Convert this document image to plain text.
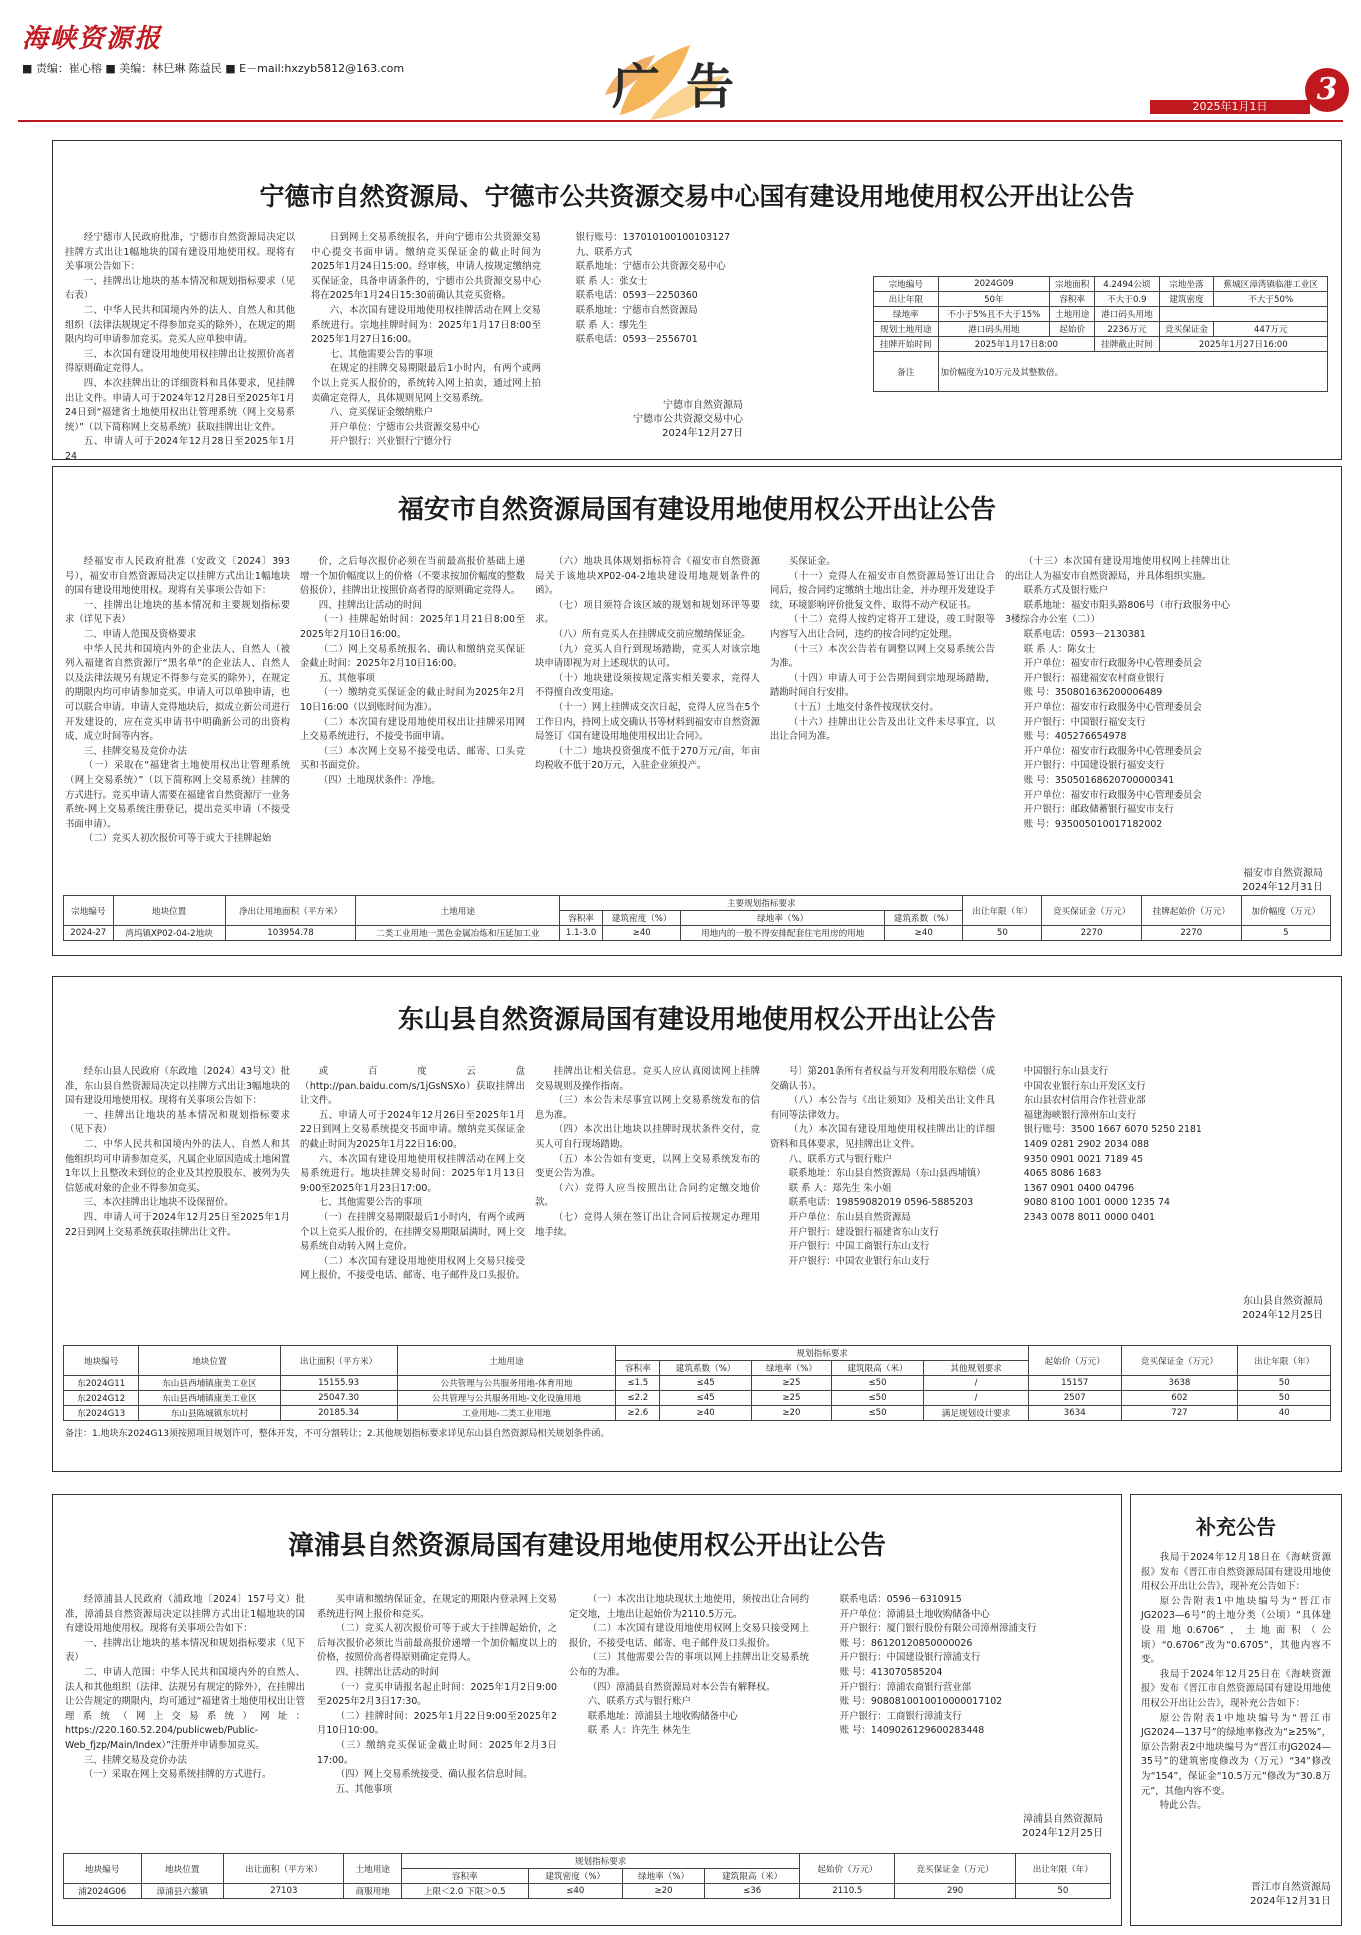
海峡资源报
■ 责编：崔心榕 ■ 美编：林巳琳 陈益民 ■ E－mail:hxzyb5812@163.com	广告	3
2025年1月1日
宁德市自然资源局、宁德市公共资源交易中心国有建设用地使用权公开出让公告

经宁德市人民政府批准，宁德市自然资源局决定以挂牌方式出让1幅地块的国有建设用地使用权。现将有关事项公告如下：

一、挂牌出让地块的基本情况和规划指标要求（见右表）

二、中华人民共和国境内外的法人、自然人和其他组织（法律法规规定不得参加竞买的除外），在规定的期限内均可申请参加竞买。竞买人应单独申请。

三、本次国有建设用地使用权挂牌出让按照价高者得原则确定竞得人。

四、本次挂牌出让的详细资料和具体要求，见挂牌出让文件。申请人可于2024年12月28日至2025年1月24日到“福建省土地使用权出让管理系统（网上交易系统）”（以下简称网上交易系统）获取挂牌出让文件。

五、申请人可于2024年12月28日至2025年1月24

日到网上交易系统报名，并向宁德市公共资源交易中心提交书面申请。缴纳竞买保证金的截止时间为2025年1月24日15:00。经审核，申请人按规定缴纳竞买保证金，具备申请条件的，宁德市公共资源交易中心将在2025年1月24日15:30前确认其竞买资格。

六、本次国有建设用地使用权挂牌活动在网上交易系统进行。宗地挂牌时间为：2025年1月17日8:00至2025年1月27日16:00。

七、其他需要公告的事项

在规定的挂牌交易期限最后1小时内，有两个或两个以上竞买人报价的，系统转入网上拍卖，通过网上拍卖确定竞得人，具体规则见网上交易系统。

八、竞买保证金缴纳账户

开户单位：宁德市公共资源交易中心

开户银行：兴业银行宁德分行

银行账号：137010100100103127

九、联系方式

联系地址：宁德市公共资源交易中心

联 系 人：张女士

联系电话：0593－2250360

联系地址：宁德市自然资源局

联 系 人：缪先生

联系电话：0593－2556701

宁德市自然资源局
宁德市公共资源交易中心
2024年12月27日
宗地编号	2024G09	宗地面积	4.2494公顷	宗地坐落	蕉城区漳湾镇临港工业区
出让年限	50年	容积率	不大于0.9	建筑密度	不大于50%
绿地率	不小于5%且不大于15%	土地用途	港口码头用地		
规划土地用途	港口码头用地	起始价	2236万元	竞买保证金	447万元
挂牌开始时间	2025年1月17日8:00		挂牌截止时间	2025年1月27日16:00	
备注	加价幅度为10万元及其整数倍。				
福安市自然资源局国有建设用地使用权公开出让公告

经福安市人民政府批准（安政文〔2024〕393号），福安市自然资源局决定以挂牌方式出让1幅地块的国有建设用地使用权。现将有关事项公告如下：

一、挂牌出让地块的基本情况和主要规划指标要求（详见下表）

二、申请人范围及资格要求

中华人民共和国境内外的企业法人、自然人（被列入福建省自然资源厅“黑名单”的企业法人、自然人以及法律法规另有规定不得参与竞买的除外），在规定的期限内均可申请参加竞买。申请人可以单独申请，也可以联合申请。申请人竞得地块后，拟成立新公司进行开发建设的，应在竞买申请书中明确新公司的出资构成、成立时间等内容。

三、挂牌交易及竞价办法

（一）采取在“福建省土地使用权出让管理系统（网上交易系统）”（以下简称网上交易系统）挂牌的方式进行。竞买申请人需要在福建省自然资源厅一业务系统-网上交易系统注册登记，提出竞买申请（不接受书面申请）。

（二）竞买人初次报价可等于或大于挂牌起始

价，之后每次报价必须在当前最高报价基础上递增一个加价幅度以上的价格（不要求按加价幅度的整数倍报价），挂牌出让按照价高者得的原则确定竞得人。

四、挂牌出让活动的时间

（一）挂牌起始时间：2025年1月21日8:00至2025年2月10日16:00。

（二）网上交易系统报名、确认和缴纳竞买保证金截止时间：2025年2月10日16:00。

五、其他事项

（一）缴纳竞买保证金的截止时间为2025年2月10日16:00（以到账时间为准）。

（二）本次国有建设用地使用权出让挂牌采用网上交易系统进行，不接受书面申请。

（三）本次网上交易不接受电话、邮寄、口头竞买和书面竞价。

（四）土地现状条件：净地。

（六）地块具体规划指标符合《福安市自然资源局关于该地块XP02-04-2地块建设用地规划条件的函》。

（七）项目须符合该区域的规划和规划环评等要求。

（八）所有竞买人在挂牌成交前应缴纳保证金。

（九）竞买人自行到现场踏勘，竞买人对该宗地块申请即视为对上述现状的认可。

（十）地块建设须按规定落实相关要求，竞得人不得擅自改变用途。

（十一）网上挂牌成交次日起，竞得人应当在5个工作日内，持网上成交确认书等材料到福安市自然资源局签订《国有建设用地使用权出让合同》。

（十二）地块投资强度不低于270万元/亩，年亩均税收不低于20万元，入驻企业须投产。

买保证金。

（十一）竞得人在福安市自然资源局签订出让合同后，按合同约定缴纳土地出让金，并办理开发建设手续，环境影响评价批复文件、取得不动产权证书。

（十二）竞得人按约定将开工建设，竣工时限等内容写入出让合同，违约的按合同约定处理。

（十三）本次公告若有调整以网上交易系统公告为准。

（十四）申请人可于公告期间到宗地现场踏勘，踏勘时间自行安排。

（十五）土地交付条件按现状交付。

（十六）挂牌出让公告及出让文件未尽事宜，以出让合同为准。

（十三）本次国有建设用地使用权网上挂牌出让的出让人为福安市自然资源局，并具体组织实施。

联系方式及银行账户

联系地址：福安市阳头路806号（市行政服务中心3楼综合办公室（二））

联系电话：0593－2130381

联 系 人：陈女士

开户单位：福安市行政服务中心管理委员会

开户银行：福建福安农村商业银行

账 号：350801636200006489

开户单位：福安市行政服务中心管理委员会

开户银行：中国银行福安支行

账 号：405276654978

开户单位：福安市行政服务中心管理委员会

开户银行：中国建设银行福安支行

账 号：35050168620700000341

开户单位：福安市行政服务中心管理委员会

开户银行：邮政储蓄银行福安市支行

账 号：935005010017182002

福安市自然资源局
2024年12月31日
宗地编号	地块位置	净出让用地面积（平方米）	土地用途	主要规划指标要求				出让年限（年）	竞买保证金（万元）	挂牌起始价（万元）	加价幅度（万元）
				容积率	建筑密度（%）	绿地率（%）	建筑系数（%）				
2024-27	湾坞镇XP02-04-2地块	103954.78	二类工业用地一黑色金属冶炼和压延加工业	1.1-3.0	≥40	用地内的一般不得安排配套住宅用房的用地	≥40	50	2270	2270	5
东山县自然资源局国有建设用地使用权公开出让公告

经东山县人民政府（东政地〔2024〕43号文）批准，东山县自然资源局决定以挂牌方式出让3幅地块的国有建设用地使用权。现将有关事项公告如下：

一、挂牌出让地块的基本情况和规划指标要求（见下表）

二、中华人民共和国境内外的法人、自然人和其他组织均可申请参加竞买，凡属企业原因造成土地闲置1年以上且整改未到位的企业及其控股股东、被列为失信惩戒对象的企业不得参加竞买。

三、本次挂牌出让地块不设保留价。

四、申请人可于2024年12月25日至2025年1月22日到网上交易系统获取挂牌出让文件。

或百度云盘（http://pan.baidu.com/s/1jGsNSXo）获取挂牌出让文件。

五、申请人可于2024年12月26日至2025年1月22日到网上交易系统提交书面申请。缴纳竞买保证金的截止时间为2025年1月22日16:00。

六、本次国有建设用地使用权挂牌活动在网上交易系统进行。地块挂牌交易时间：2025年1月13日9:00至2025年1月23日17:00。

七、其他需要公告的事项

（一）在挂牌交易期限最后1小时内，有两个或两个以上竞买人报价的，在挂牌交易期限届满时，网上交易系统自动转入网上竞价。

（二）本次国有建设用地使用权网上交易只接受网上报价，不接受电话、邮寄、电子邮件及口头报价。

挂牌出让相关信息。竞买人应认真阅读网上挂牌交易规则及操作指南。

（三）本公告未尽事宜以网上交易系统发布的信息为准。

（四）本次出让地块以挂牌时现状条件交付，竞买人可自行现场踏勘。

（五）本公告如有变更，以网上交易系统发布的变更公告为准。

（六）竞得人应当按照出让合同约定缴交地价款。

（七）竞得人须在签订出让合同后按规定办理用地手续。

号〕第201条所有者权益与开发利用股东赔偿（成交确认书）。

（八）本公告与《出让须知》及相关出让文件具有同等法律效力。

（九）本次国有建设用地使用权挂牌出让的详细资料和具体要求，见挂牌出让文件。

八、联系方式与银行账户

联系地址：东山县自然资源局（东山县西埔镇）

联 系 人：郑先生 朱小姐

联系电话：19859082019 0596-5885203

开户单位：东山县自然资源局

开户银行：建设银行福建省东山支行

开户银行：中国工商银行东山支行

开户银行：中国农业银行东山支行

中国银行东山县支行

中国农业银行东山开发区支行

东山县农村信用合作社营业部

福建海峡银行漳州东山支行

银行账号：3500 1667 6070 5250 2181

1409 0281 2902 2034 088

9350 0901 0021 7189 45

4065 8086 1683

1367 0901 0400 04796

9080 8100 1001 0000 1235 74

2343 0078 8011 0000 0401

东山县自然资源局
2024年12月25日
地块编号	地块位置	出让面积（平方米）	土地用途	规划指标要求					起始价（万元）	竞买保证金（万元）	出让年限（年）
				容积率	建筑系数（%）	绿地率（%）	建筑限高（米）	其他规划要求			
东2024G11	东山县西埔镇康美工业区	15155.93	公共管理与公共服务用地-体育用地	≤1.5	≤45	≥25	≤50	/	15157	3638	50
东2024G12	东山县西埔镇康美工业区	25047.30	公共管理与公共服务用地-文化设施用地	≤2.2	≤45	≥25	≤50	/	2507	602	50
东2024G13	东山县陈城镇东坑村	20185.34	工业用地-二类工业用地	≥2.6	≥40	≥20	≤50	满足规划设计要求	3634	727	40
备注：1.地块东2024G13须按照项目规划许可，整体开发，不可分割转让；2.其他规划指标要求详见东山县自然资源局相关规划条件函。
漳浦县自然资源局国有建设用地使用权公开出让公告

经漳浦县人民政府（浦政地〔2024〕157号文）批准，漳浦县自然资源局决定以挂牌方式出让1幅地块的国有建设用地使用权。现将有关事项公告如下：

一、挂牌出让地块的基本情况和规划指标要求（见下表）

二、申请人范围：中华人民共和国境内外的自然人、法人和其他组织（法律、法规另有规定的除外），在挂牌出让公告规定的期限内，均可通过“福建省土地使用权出让管理系统（网上交易系统）网址：https://220.160.52.204/publicweb/Public-Web_fjzp/Main/Index）”注册并申请参加竞买。

三、挂牌交易及竞价办法

（一）采取在网上交易系统挂牌的方式进行。

买申请和缴纳保证金，在规定的期限内登录网上交易系统进行网上报价和竞买。

（二）竞买人初次报价可等于或大于挂牌起始价，之后每次报价必须比当前最高报价递增一个加价幅度以上的价格，按照价高者得原则确定竞得人。

四、挂牌出让活动的时间

（一）竞买申请报名起止时间：2025年1月2日9:00至2025年2月3日17:30。

（二）挂牌时间：2025年1月22日9:00至2025年2月10日10:00。

（三）缴纳竞买保证金截止时间：2025年2月3日17:00。

（四）网上交易系统接受、确认报名信息时间。

五、其他事项

（一）本次出让地块现状土地使用，须按出让合同约定交地，土地出让起始价为2110.5万元。

（二）本次国有建设用地使用权网上交易只接受网上报价，不接受电话、邮寄、电子邮件及口头报价。

（三）其他需要公告的事项以网上挂牌出让交易系统公布的为准。

（四）漳浦县自然资源局对本公告有解释权。

六、联系方式与银行账户

联系地址：漳浦县土地收购储备中心

联 系 人：许先生 林先生

联系电话：0596－6310915

开户单位：漳浦县土地收购储备中心

开户银行：厦门银行股份有限公司漳州漳浦支行

账 号：86120120850000026

开户银行：中国建设银行漳浦支行

账 号：413070585204

开户银行：漳浦农商银行营业部

账 号：9080810010010000017102

开户银行：工商银行漳浦支行

账 号：1409026129600283448

漳浦县自然资源局
2024年12月25日
地块编号	地块位置	出让面积（平方米）	土地用途	规划指标要求				起始价（万元）	竞买保证金（万元）	出让年限（年）
				容积率	建筑密度（%）	绿地率（%）	建筑限高（米）			
浦2024G06	漳浦县六鳌镇	27103	商服用地	上限＜2.0 下限＞0.5	≤40	≥20	≤36	2110.5	290	50
补充公告

我局于2024年12月18日在《海峡资源报》发布《晋江市自然资源局国有建设用地使用权公开出让公告》，现补充公告如下：

原公告附表1中地块编号为“晋江市JG2023—6号”的土地分类（公顷）“具体建设用地0.6706”，土地面积（公顷）“0.6706”改为“0.6705”，其他内容不变。

我局于2024年12月25日在《海峡资源报》发布《晋江市自然资源局国有建设用地使用权公开出让公告》，现补充公告如下：

原公告附表1中地块编号为“晋江市JG2024—137号”的绿地率修改为“≥25%”，原公告附表2中地块编号为“晋江市JG2024—35号”的建筑密度修改为（万元）“34”修改为“154”，保证金“10.5万元”修改为“30.8万元”，其他内容不变。

特此公告。

晋江市自然资源局
2024年12月31日
